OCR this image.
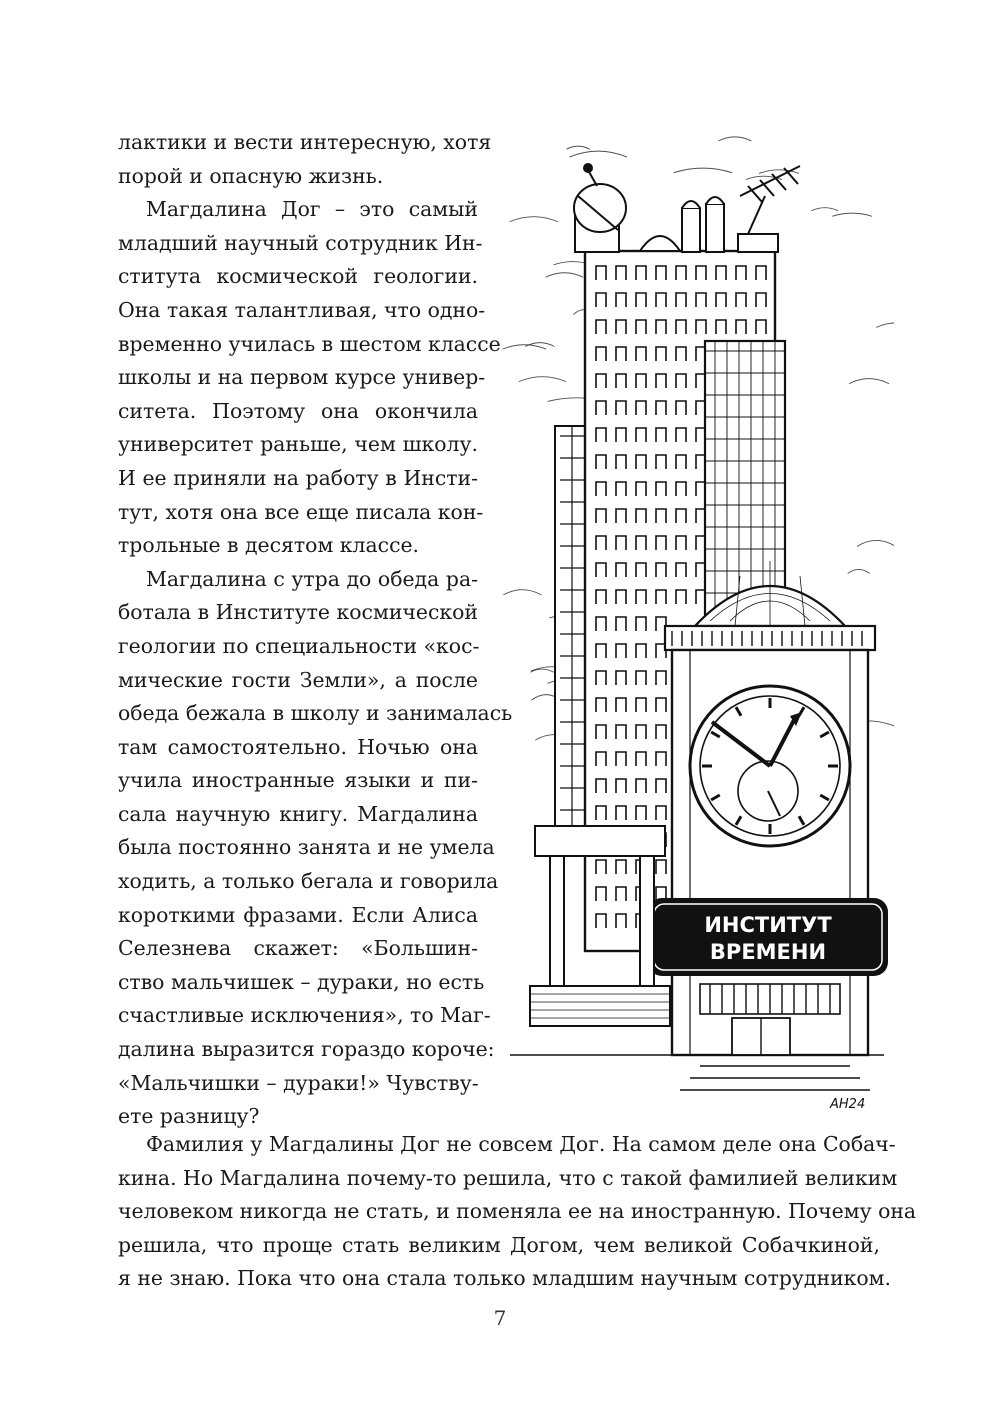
лактики и вести интересную, хотя
порой и опасную жизнь.
Магдалина Дог – это самый
младший научный сотрудник Ин-
ститута космической геологии.
Она такая талантливая, что одно-
временно училась в шестом классе
школы и на первом курсе универ-
ситета. Поэтому она окончила
университет раньше, чем школу.
И ее приняли на работу в Инсти-
тут, хотя она все еще писала кон-
трольные в десятом классе.
Магдалина с утра до обеда ра-
ботала в Институте космической
геологии по специальности «кос-
мические гости Земли», а после
обеда бежала в школу и занималась
там самостоятельно. Ночью она
учила иностранные языки и пи-
сала научную книгу. Магдалина
была постоянно занята и не умела
ходить, а только бегала и говорила
короткими фразами. Если Алиса
Селезнева скажет: «Большин-
ство мальчишек – дураки, но есть
счастливые исключения», то Маг-
далина выразится гораздо короче:
«Мальчишки – дураки!» Чувству-
ете разницу?
ИНСТИТУТ
ВРЕМЕНИ
АН24
Фамилия у Магдалины Дог не совсем Дог. На самом деле она Собач-
кина. Но Магдалина почему-то решила, что с такой фамилией великим
человеком никогда не стать, и поменяла ее на иностранную. Почему она
решила, что проще стать великим Догом, чем великой Собачкиной,
я не знаю. Пока что она стала только младшим научным сотрудником.
7
